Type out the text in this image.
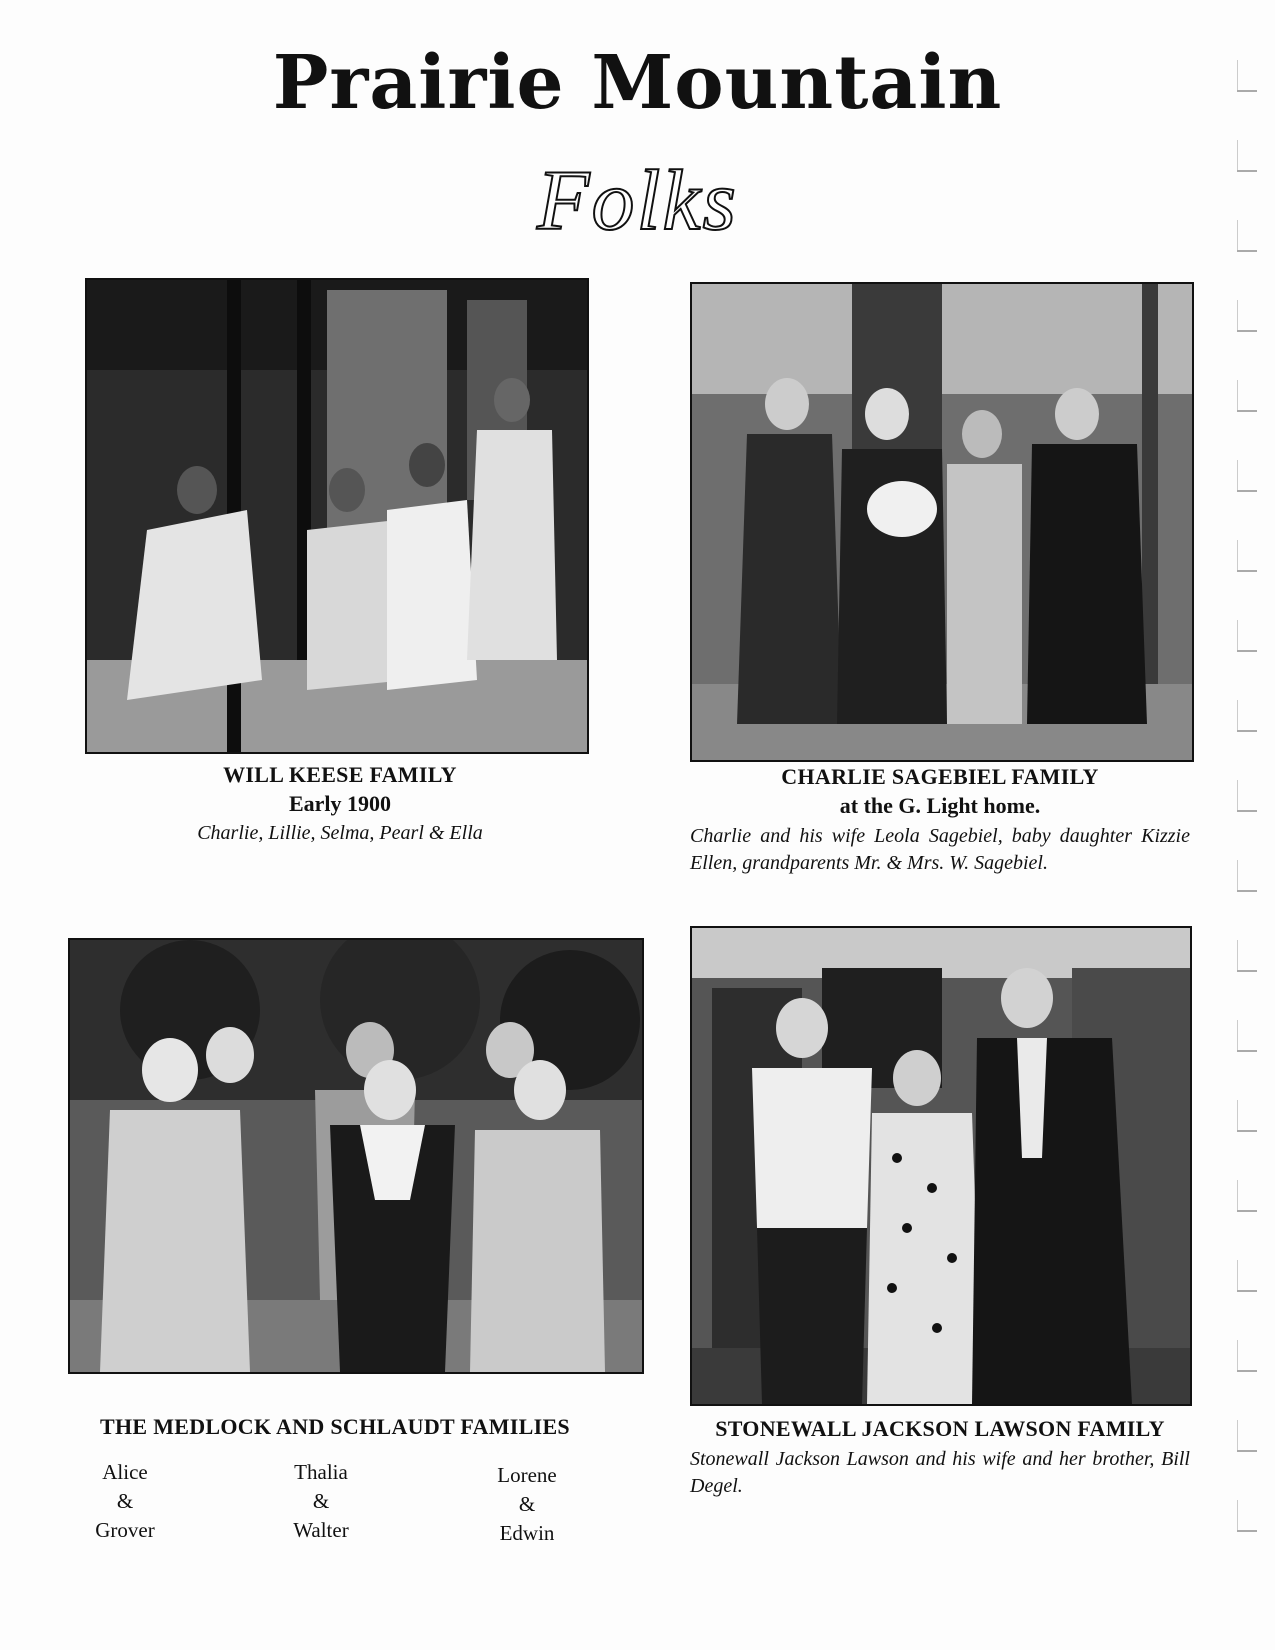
Prairie Mountain
Folks
WILL KEESE FAMILY
Early 1900
Charlie, Lillie, Selma, Pearl & Ella
CHARLIE SAGEBIEL FAMILY
at the G. Light home.
Charlie and his wife Leola Sagebiel, baby daughter Kizzie Ellen, grandparents Mr. & Mrs. W. Sagebiel.
THE MEDLOCK AND SCHLAUDT FAMILIES
Alice
&
Grover
Thalia
&
Walter
Lorene
&
Edwin
STONEWALL JACKSON LAWSON FAMILY
Stonewall Jackson Lawson and his wife and her brother, Bill Degel.
